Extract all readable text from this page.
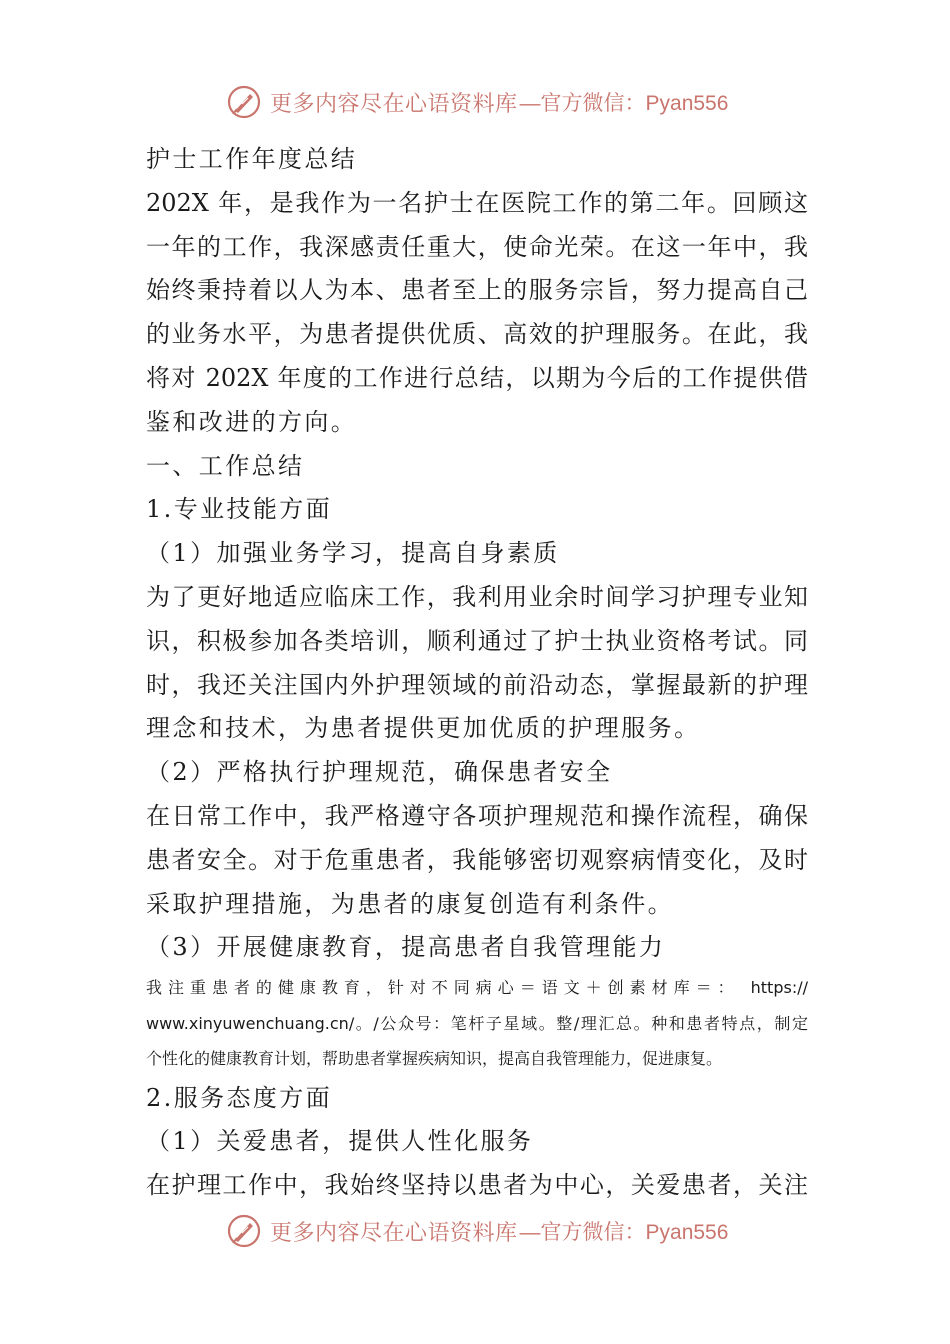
更多内容尽在心语资料库 —官方微信：Pyan556
护士工作年度总结
202X 年，是我作为一名护士在医院工作的第二年。回顾这
一年的工作，我深感责任重大，使命光荣。在这一年中，我
始终秉持着以人为本、患者至上的服务宗旨，努力提高自己
的业务水平，为患者提供优质、高效的护理服务。在此，我
将对 202X 年度的工作进行总结，以期为今后的工作提供借
鉴和改进的方向。
一、工作总结
1.专业技能方面
（1）加强业务学习，提高自身素质
为了更好地适应临床工作，我利用业余时间学习护理专业知
识，积极参加各类培训，顺利通过了护士执业资格考试。同
时，我还关注国内外护理领域的前沿动态，掌握最新的护理
理念和技术，为患者提供更加优质的护理服务。
（2）严格执行护理规范，确保患者安全
在日常工作中，我严格遵守各项护理规范和操作流程，确保
患者安全。对于危重患者，我能够密切观察病情变化，及时
采取护理措施，为患者的康复创造有利条件。
（3）开展健康教育，提高患者自我管理能力
我注重患者的健康教育，针对不同病心＝语文＋创素材库＝： https://
www.xinyuwenchuang.cn/。/公众号：笔杆子星域。整/理汇总。种和患者特点，制定
个性化的健康教育计划，帮助患者掌握疾病知识，提高自我管理能力，促进康复。
2.服务态度方面
（1）关爱患者，提供人性化服务
在护理工作中，我始终坚持以患者为中心，关爱患者，关注
更多内容尽在心语资料库 —官方微信：Pyan556
